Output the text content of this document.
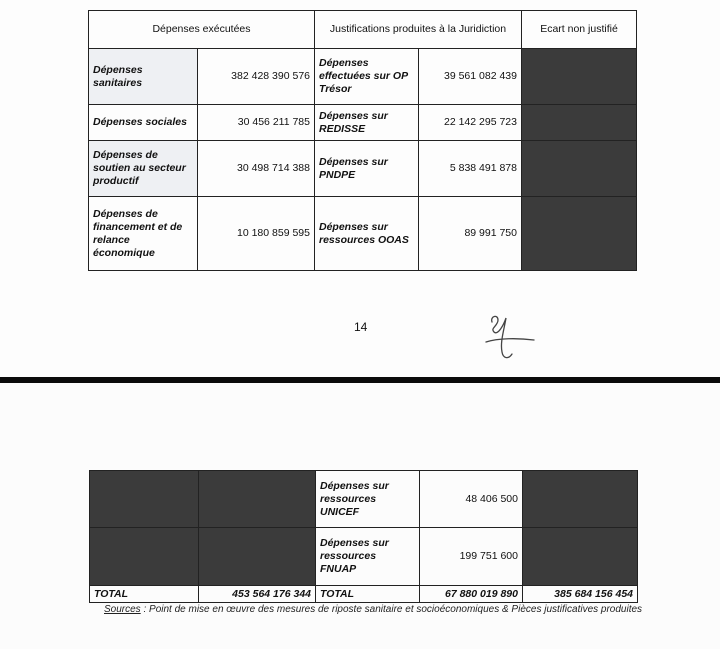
Dépenses exécutées		Justifications produites à la Juridiction		Ecart non justifié
Dépenses sanitaires	382 428 390 576	Dépenses effectuées sur OP Trésor	39 561 082 439	
Dépenses sociales	30 456 211 785	Dépenses sur REDISSE	22 142 295 723	
Dépenses de soutien au secteur productif	30 498 714 388	Dépenses sur PNDPE	5 838 491 878	
Dépenses de financement et de relance économique	10 180 859 595	Dépenses sur ressources OOAS	89 991 750	
14
		Dépenses sur ressources UNICEF	48 406 500	
		Dépenses sur ressources FNUAP	199 751 600	
TOTAL	453 564 176 344	TOTAL	67 880 019 890	385 684 156 454
Sources : Point de mise en œuvre des mesures de riposte sanitaire et socioéconomiques & Pièces justificatives produites
